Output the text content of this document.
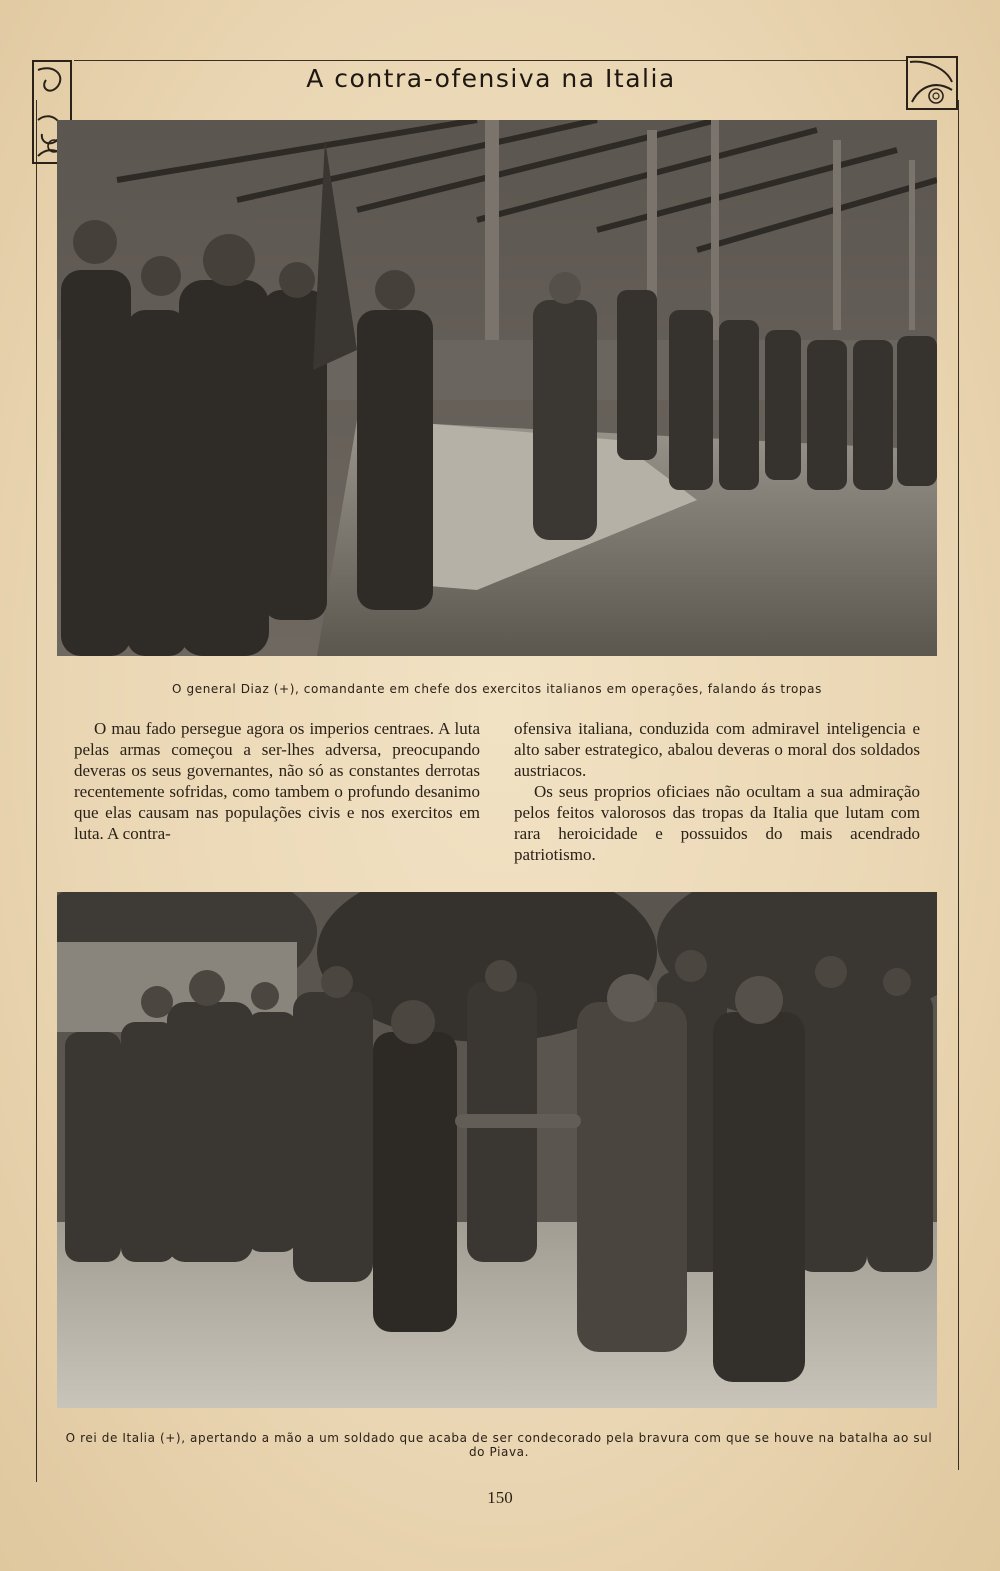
A contra-ofensiva na Italia
O general Diaz (+), comandante em chefe dos exercitos italianos em operações, falando ás tropas

O mau fado persegue agora os imperios centraes. A luta pelas armas começou a ser-lhes adversa, preocupando deveras os seus governantes, não só as constantes derrotas recentemente sofridas, como tambem o profundo desanimo que elas causam nas populações civis e nos exercitos em luta. A contra-

ofensiva italiana, conduzida com admiravel inteligencia e alto saber estrategico, abalou deveras o moral dos soldados austriacos.

Os seus proprios oficiaes não ocultam a sua admiração pelos feitos valorosos das tropas da Italia que lutam com rara heroicidade e possuidos do mais acendrado patriotismo.

O rei de Italia (+), apertando a mão a um soldado que acaba de ser condecorado pela bravura com que se houve na batalha ao sul do Piava.
150
